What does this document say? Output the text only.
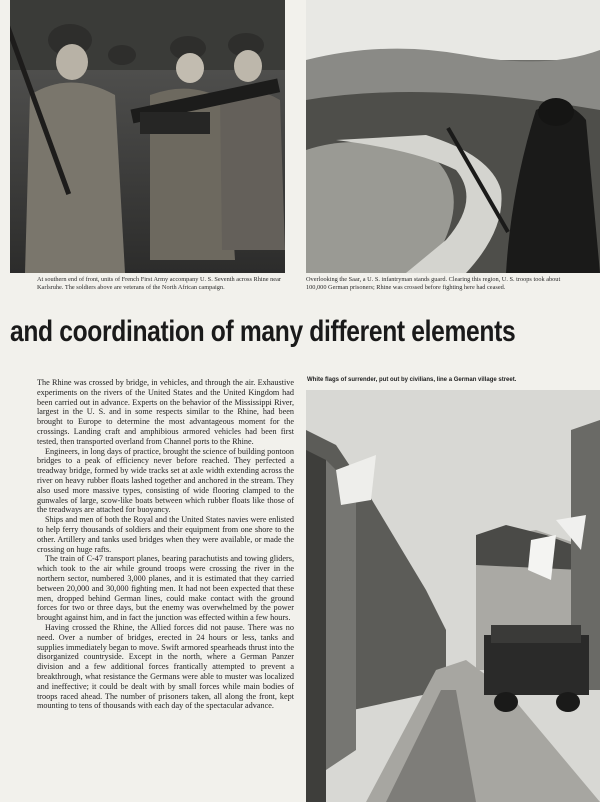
At southern end of front, units of French First Army accompany U. S. Seventh across Rhine near Karlsruhe. The soldiers above are veterans of the North African campaign.
Overlooking the Saar, a U. S. infantryman stands guard. Clearing this region, U. S. troops took about 100,000 German prisoners; Rhine was crossed before fighting here had ceased.
and coordination of many different elements

The Rhine was crossed by bridge, in vehicles, and through the air. Exhaustive experiments on the rivers of the United States and the United Kingdom had been carried out in advance. Experts on the behavior of the Mississippi River, largest in the U. S. and in some respects similar to the Rhine, had been brought to Europe to determine the most advantageous moment for the crossings. Landing craft and amphibious armored vehicles had been first tested, then transported overland from Channel ports to the Rhine.

Engineers, in long days of practice, brought the science of building pontoon bridges to a peak of efficiency never before reached. They perfected a treadway bridge, formed by wide tracks set at axle width extending across the river on heavy rubber floats lashed together and anchored in the stream. They also used more massive types, consisting of wide flooring clamped to the gunwales of large, scow-like boats between which rubber floats like those of the treadways are attached for buoyancy.

Ships and men of both the Royal and the United States navies were enlisted to help ferry thousands of soldiers and their equipment from one shore to the other. Artillery and tanks used bridges when they were available, or made the crossing on huge rafts.

The train of C-47 transport planes, bearing parachutists and towing gliders, which took to the air while ground troops were crossing the river in the northern sector, numbered 3,000 planes, and it is estimated that they carried between 20,000 and 30,000 fighting men. It had not been expected that these men, dropped behind German lines, could make contact with the ground forces for two or three days, but the enemy was overwhelmed by the power brought against him, and in fact the junction was effected within a few hours.

Having crossed the Rhine, the Allied forces did not pause. There was no need. Over a number of bridges, erected in 24 hours or less, tanks and supplies immediately began to move. Swift armored spearheads thrust into the disorganized countryside. Except in the north, where a German Panzer division and a few additional forces frantically attempted to prevent a breakthrough, what resistance the Germans were able to muster was localized and ineffective; it could be dealt with by small forces while main bodies of troops raced ahead. The number of prisoners taken, all along the front, kept mounting to tens of thousands with each day of the spectacular advance.

White flags of surrender, put out by civilians, line a German village street.
